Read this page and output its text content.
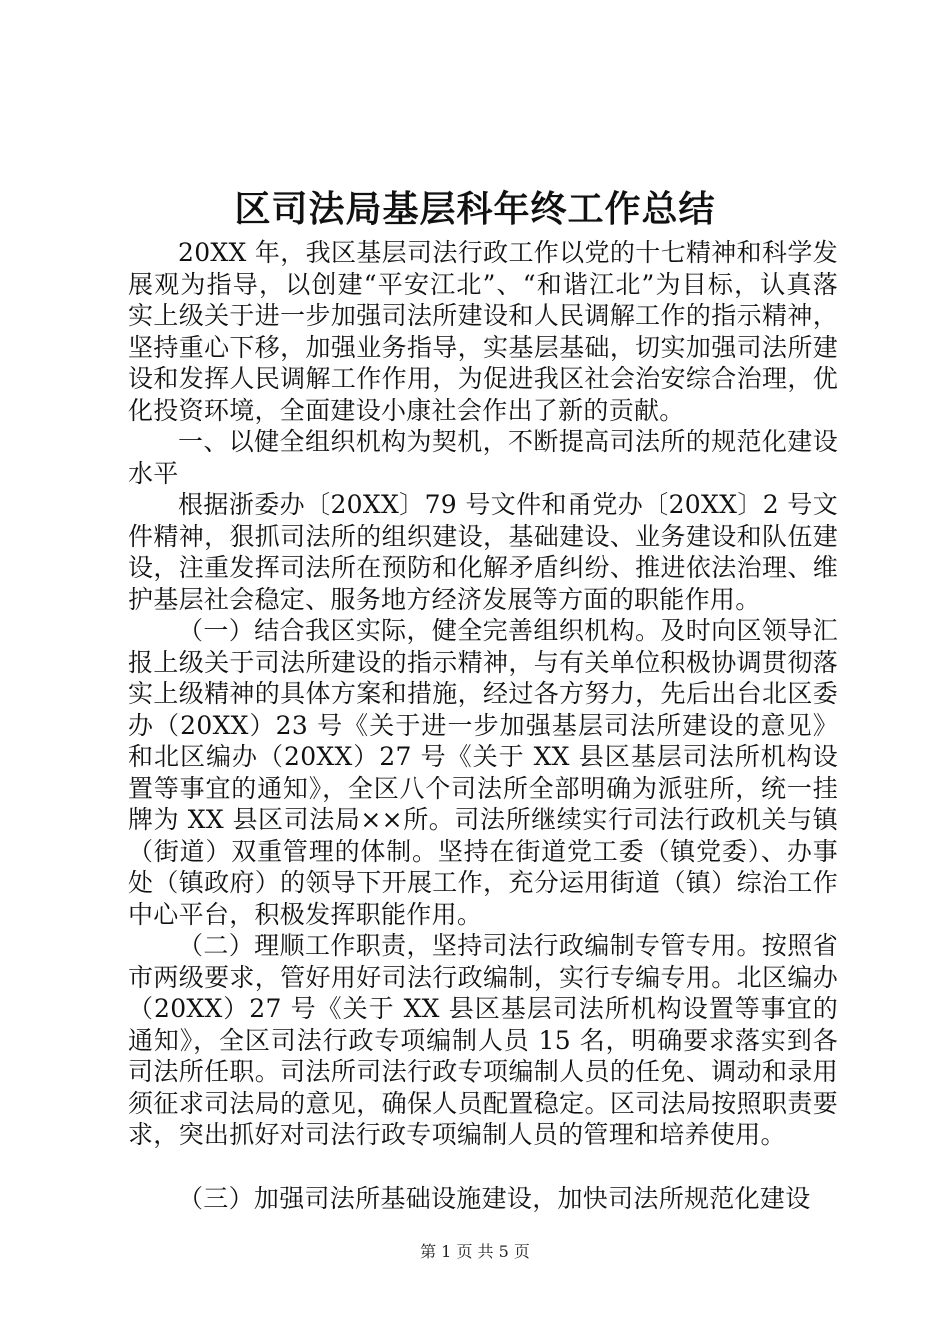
区司法局基层科年终工作总结

20XX 年，我区基层司法行政工作以党的十七精神和科学发展观为指导，以创建“平安江北”、“和谐江北”为目标，认真落实上级关于进一步加强司法所建设和人民调解工作的指示精神，坚持重心下移，加强业务指导，实基层基础，切实加强司法所建设和发挥人民调解工作作用，为促进我区社会治安综合治理，优化投资环境，全面建设小康社会作出了新的贡献。

一、以健全组织机构为契机，不断提高司法所的规范化建设水平

根据浙委办〔20XX〕79 号文件和甬党办〔20XX〕2 号文件精神，狠抓司法所的组织建设，基础建设、业务建设和队伍建设，注重发挥司法所在预防和化解矛盾纠纷、推进依法治理、维护基层社会稳定、服务地方经济发展等方面的职能作用。

（一）结合我区实际，健全完善组织机构。及时向区领导汇报上级关于司法所建设的指示精神，与有关单位积极协调贯彻落实上级精神的具体方案和措施，经过各方努力，先后出台北区委办（20XX）23 号《关于进一步加强基层司法所建设的意见》和北区编办（20XX）27 号《关于 XX 县区基层司法所机构设置等事宜的通知》，全区八个司法所全部明确为派驻所，统一挂牌为 XX 县区司法局××所。司法所继续实行司法行政机关与镇（街道）双重管理的体制。坚持在街道党工委（镇党委）、办事处（镇政府）的领导下开展工作，充分运用街道（镇）综治工作中心平台，积极发挥职能作用。

（二）理顺工作职责，坚持司法行政编制专管专用。按照省市两级要求，管好用好司法行政编制，实行专编专用。北区编办（20XX）27 号《关于 XX 县区基层司法所机构设置等事宜的通知》，全区司法行政专项编制人员 15 名，明确要求落实到各司法所任职。司法所司法行政专项编制人员的任免、调动和录用须征求司法局的意见，确保人员配置稳定。区司法局按照职责要求，突出抓好对司法行政专项编制人员的管理和培养使用。

（三）加强司法所基础设施建设，加快司法所规范化建设

第 1 页 共 5 页
